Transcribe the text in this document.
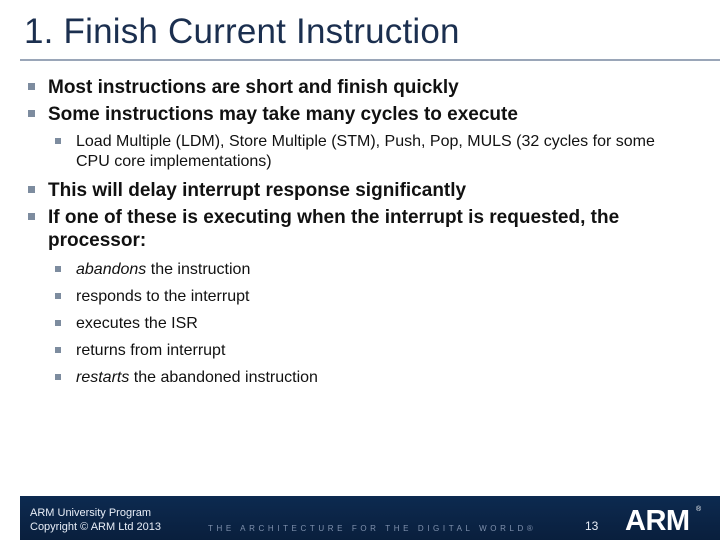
1. Finish Current Instruction
Most instructions are short and finish quickly
Some instructions may take many cycles to execute
Load Multiple (LDM), Store Multiple (STM), Push, Pop, MULS (32 cycles for some CPU core implementations)
This will delay interrupt response significantly
If one of these is executing when the interrupt is requested, the processor:
abandons the instruction
responds to the interrupt
executes the ISR
returns from interrupt
restarts the abandoned instruction
ARM University Program
Copyright © ARM Ltd 2013	THE ARCHITECTURE FOR THE DIGITAL WORLD®	13 ARM ®
